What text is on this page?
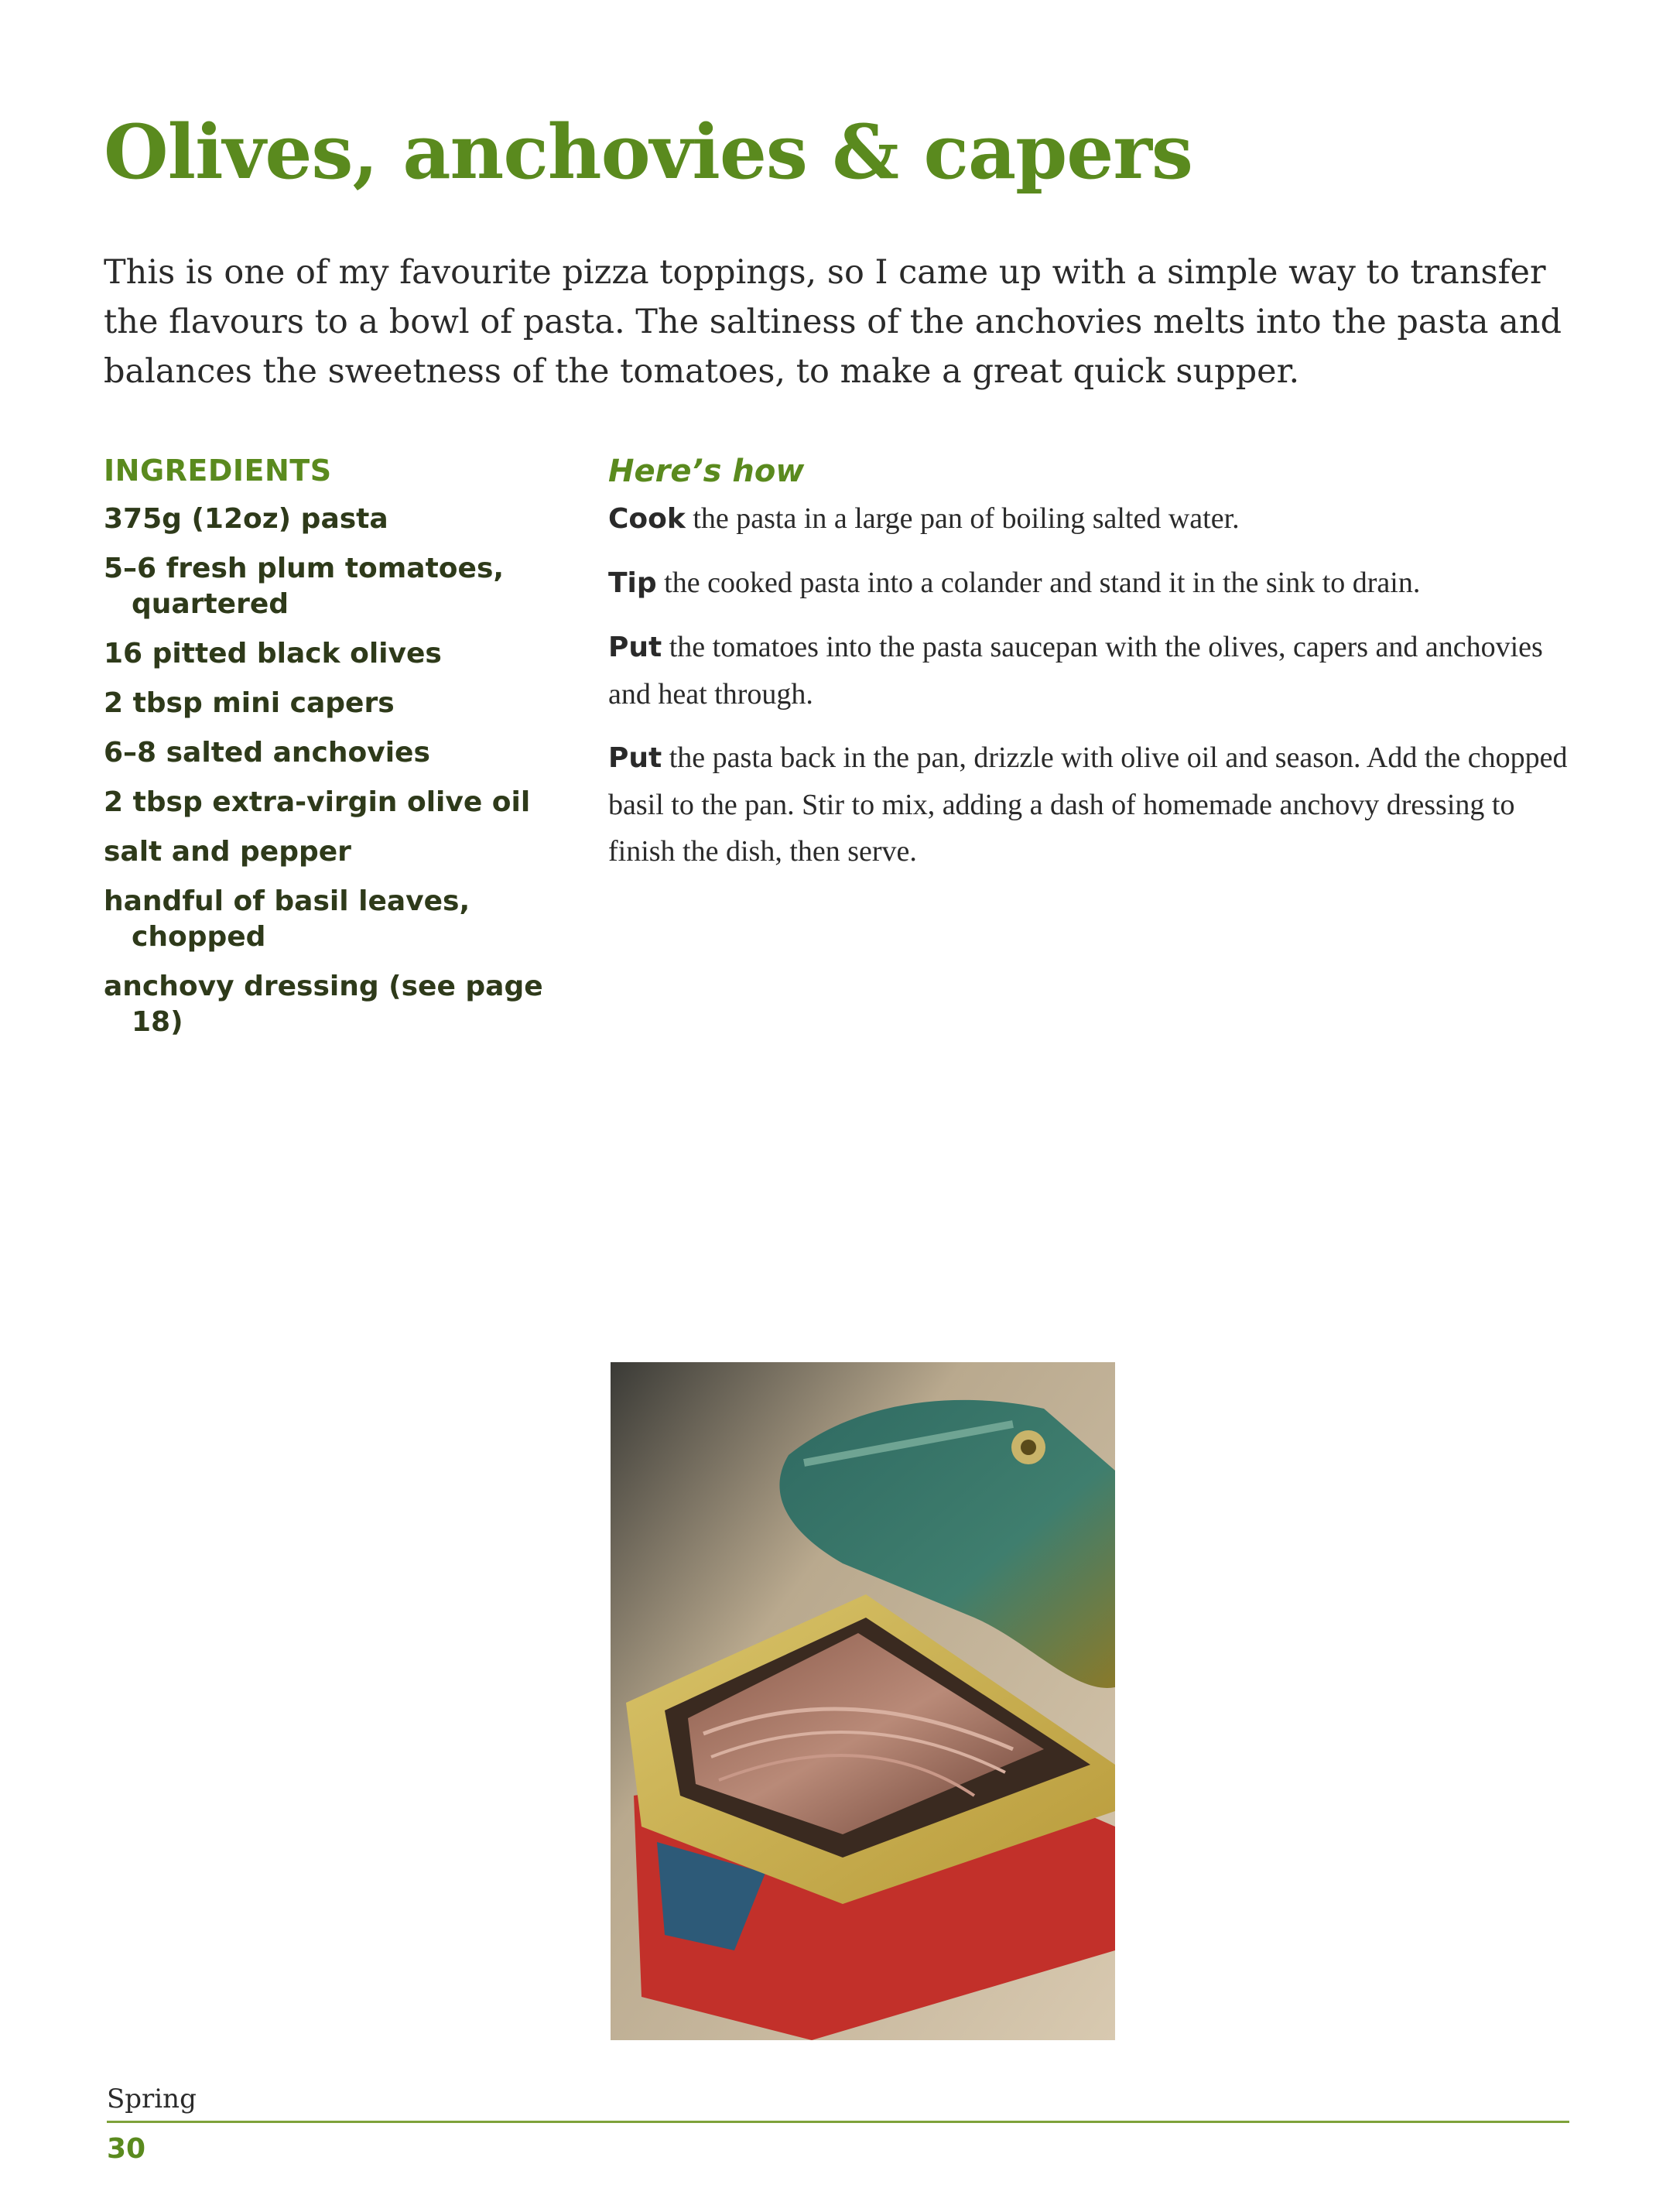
Olives, anchovies & capers

This is one of my favourite pizza toppings, so I came up with a simple way to transfer the flavours to a bowl of pasta. The saltiness of the anchovies melts into the pasta and balances the sweetness of the tomatoes, to make a great quick supper.

INGREDIENTS
375g (12oz) pasta
5–6 fresh plum tomatoes, quartered
16 pitted black olives
2 tbsp mini capers
6–8 salted anchovies
2 tbsp extra-virgin olive oil
salt and pepper
handful of basil leaves, chopped
anchovy dressing (see page 18)
Here’s how

Cook the pasta in a large pan of boiling salted water.

Tip the cooked pasta into a colander and stand it in the sink to drain.

Put the tomatoes into the pasta saucepan with the olives, capers and anchovies and heat through.

Put the pasta back in the pan, drizzle with olive oil and season. Add the chopped basil to the pan. Stir to mix, adding a dash of homemade anchovy dressing to finish the dish, then serve.

Spring

30
